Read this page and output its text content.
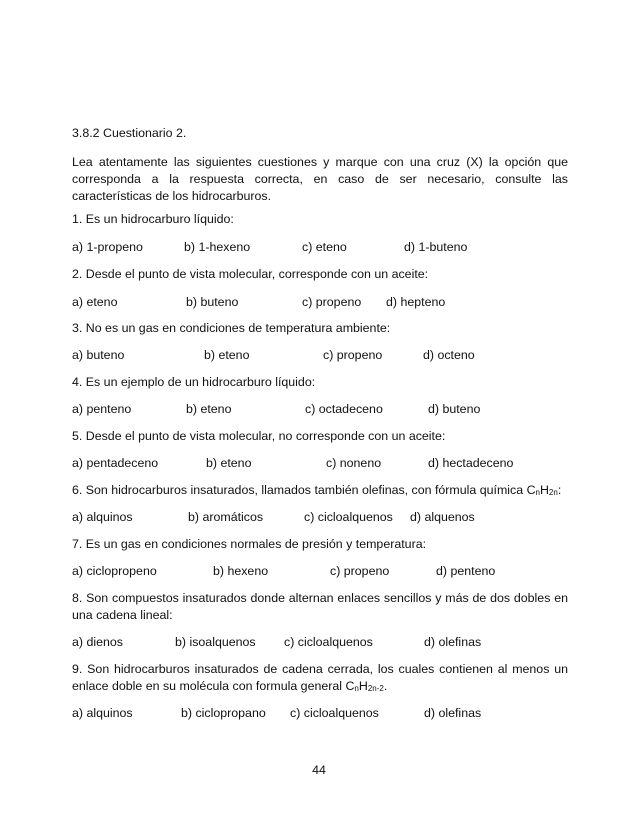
3.8.2 Cuestionario 2.
Lea atentamente las siguientes cuestiones y marque con una cruz (X) la opción que corresponda a la respuesta correcta, en caso de ser necesario, consulte las características de los hidrocarburos.
1. Es un hidrocarburo líquido:
a) 1-propeno	b) 1-hexeno	c) eteno	d) 1-buteno
2. Desde el punto de vista molecular, corresponde con un aceite:
a) eteno	b) buteno	c) propeno d) hepteno
3. No es un gas en condiciones de temperatura ambiente:
a) buteno	b) eteno	c) propeno	d) octeno
4. Es un ejemplo de un hidrocarburo líquido:
a) penteno	b) eteno	c) octadeceno	d) buteno
5. Desde el punto de vista molecular, no corresponde con un aceite:
a) pentadeceno	b) eteno	c) noneno	d) hectadeceno
6. Son hidrocarburos insaturados, llamados también olefinas, con fórmula química $C_nH_{2n}$:
a) alquinos	b) aromáticos	c) cicloalquenos d) alquenos
7. Es un gas en condiciones normales de presión y temperatura:
a) ciclopropeno	b) hexeno	c) propeno	d) penteno
8. Son compuestos insaturados donde alternan enlaces sencillos y más de dos dobles en una cadena lineal:
a) dienos	b) isoalquenos c) cicloalquenos	d) olefinas
9. Son hidrocarburos insaturados de cadena cerrada, los cuales contienen al menos un enlace doble en su molécula con formula general $C_nH_{2n-2}$.
a) alquinos	b) ciclopropano c) cicloalquenos	d) olefinas
44
